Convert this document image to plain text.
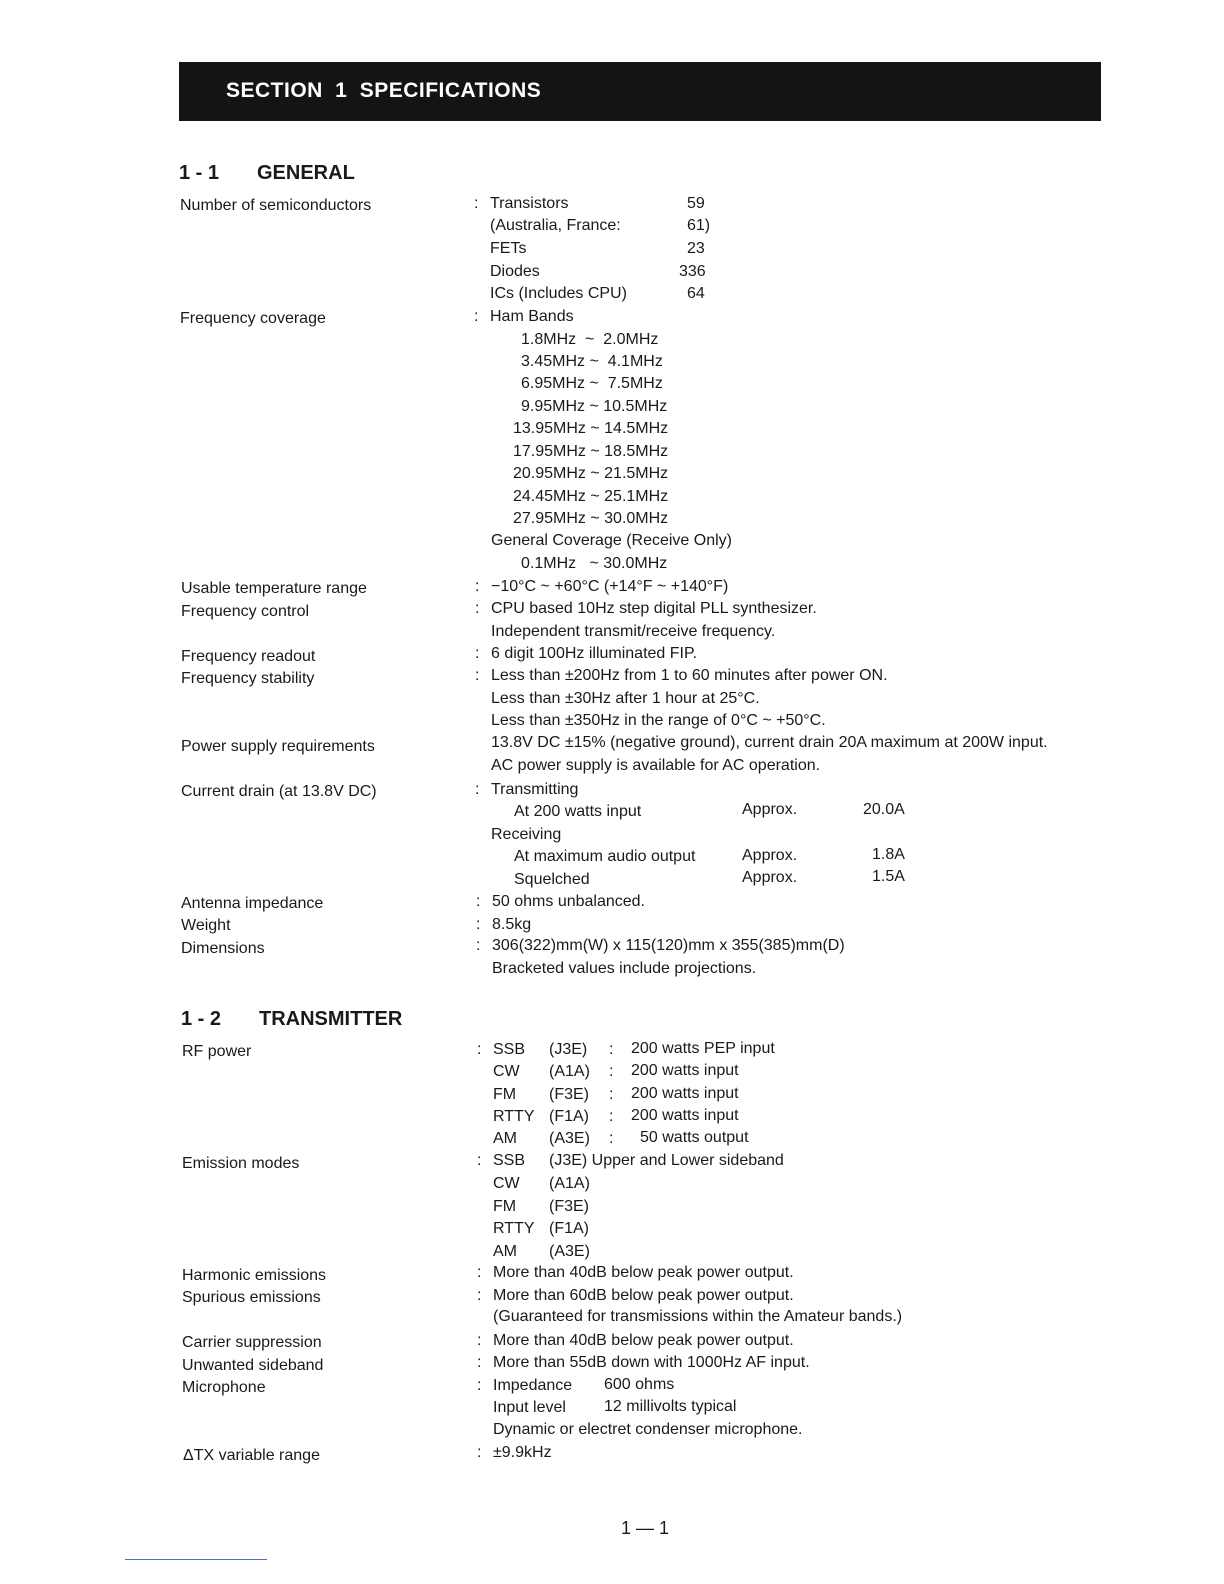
SECTION 1 SPECIFICATIONS
1 - 1 GENERAL
Number of semiconductors	: Transistors	59
(Australia, France:	61)
FETs	23
Diodes	336
ICs (Includes CPU)	64
Frequency coverage	: Ham Bands
1.8MHz  ~  2.0MHz
3.45MHz ~  4.1MHz
6.95MHz ~  7.5MHz
9.95MHz ~ 10.5MHz
13.95MHz ~ 14.5MHz
17.95MHz ~ 18.5MHz
20.95MHz ~ 21.5MHz
24.45MHz ~ 25.1MHz
27.95MHz ~ 30.0MHz
General Coverage (Receive Only)
0.1MHz   ~ 30.0MHz
Usable temperature range	: −10°C ~ +60°C (+14°F ~ +140°F)
Frequency control	: CPU based 10Hz step digital PLL synthesizer.
Independent transmit/receive frequency.
Frequency readout	: 6 digit 100Hz illuminated FIP.
Frequency stability	: Less than ±200Hz from 1 to 60 minutes after power ON.
Less than ±30Hz after 1 hour at 25°C.
Less than ±350Hz in the range of 0°C ~ +50°C.
Power supply requirements	13.8V DC ±15% (negative ground), current drain 20A maximum at 200W input.
AC power supply is available for AC operation.
Current drain (at 13.8V DC)	: Transmitting
At 200 watts input	Approx.	20.0A
Receiving
At maximum audio output	Approx.	1.8A
Squelched	Approx.	1.5A
Antenna impedance	: 50 ohms unbalanced.
Weight	: 8.5kg
Dimensions	: 306(322)mm(W) x 115(120)mm x 355(385)mm(D)
Bracketed values include projections.
1 - 2 TRANSMITTER
RF power	: SSB (J3E) : 200 watts PEP input
CW (A1A) : 200 watts input
FM (F3E) : 200 watts input
RTTY (F1A) : 200 watts input
AM (A3E) : 50 watts output
Emission modes	: SSB (J3E) Upper and Lower sideband
CW (A1A)
FM (F3E)
RTTY (F1A)
AM (A3E)
Harmonic emissions	: More than 40dB below peak power output.
Spurious emissions	: More than 60dB below peak power output.
(Guaranteed for transmissions within the Amateur bands.)
Carrier suppression	: More than 40dB below peak power output.
Unwanted sideband	: More than 55dB down with 1000Hz AF input.
Microphone	: Impedance 600 ohms
Input level 12 millivolts typical
Dynamic or electret condenser microphone.
ΔTX variable range	: ±9.9kHz
1 — 1
